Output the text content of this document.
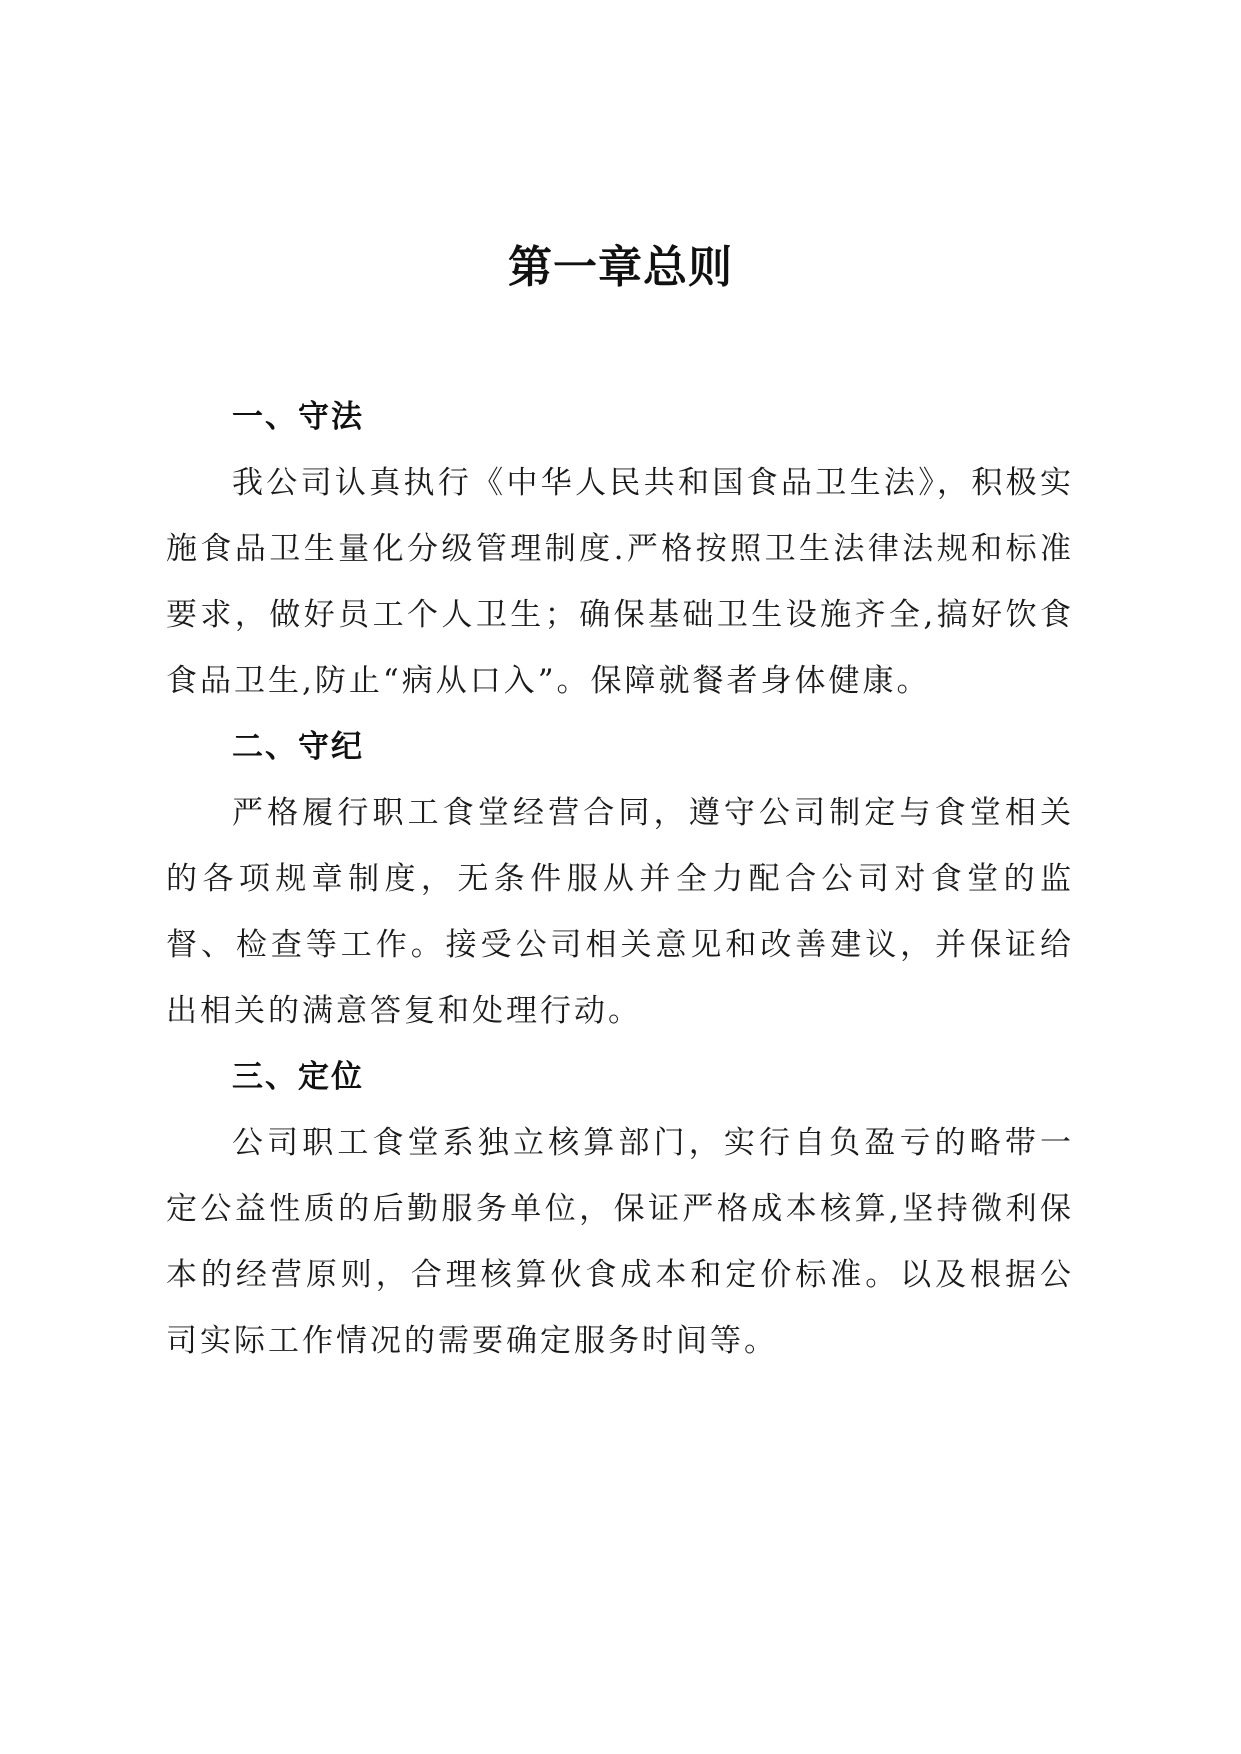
第一章总则
一、守法

我公司认真执行《中华人民共和国食品卫生法》，积极实施食品卫生量化分级管理制度.严格按照卫生法律法规和标准要求，做好员工个人卫生；确保基础卫生设施齐全,搞好饮食食品卫生,防止“病从口入”。保障就餐者身体健康。

二、守纪

严格履行职工食堂经营合同，遵守公司制定与食堂相关的各项规章制度，无条件服从并全力配合公司对食堂的监督、检查等工作。接受公司相关意见和改善建议，并保证给出相关的满意答复和处理行动。

三、定位

公司职工食堂系独立核算部门，实行自负盈亏的略带一定公益性质的后勤服务单位，保证严格成本核算,坚持微利保本的经营原则，合理核算伙食成本和定价标准。以及根据公司实际工作情况的需要确定服务时间等。
